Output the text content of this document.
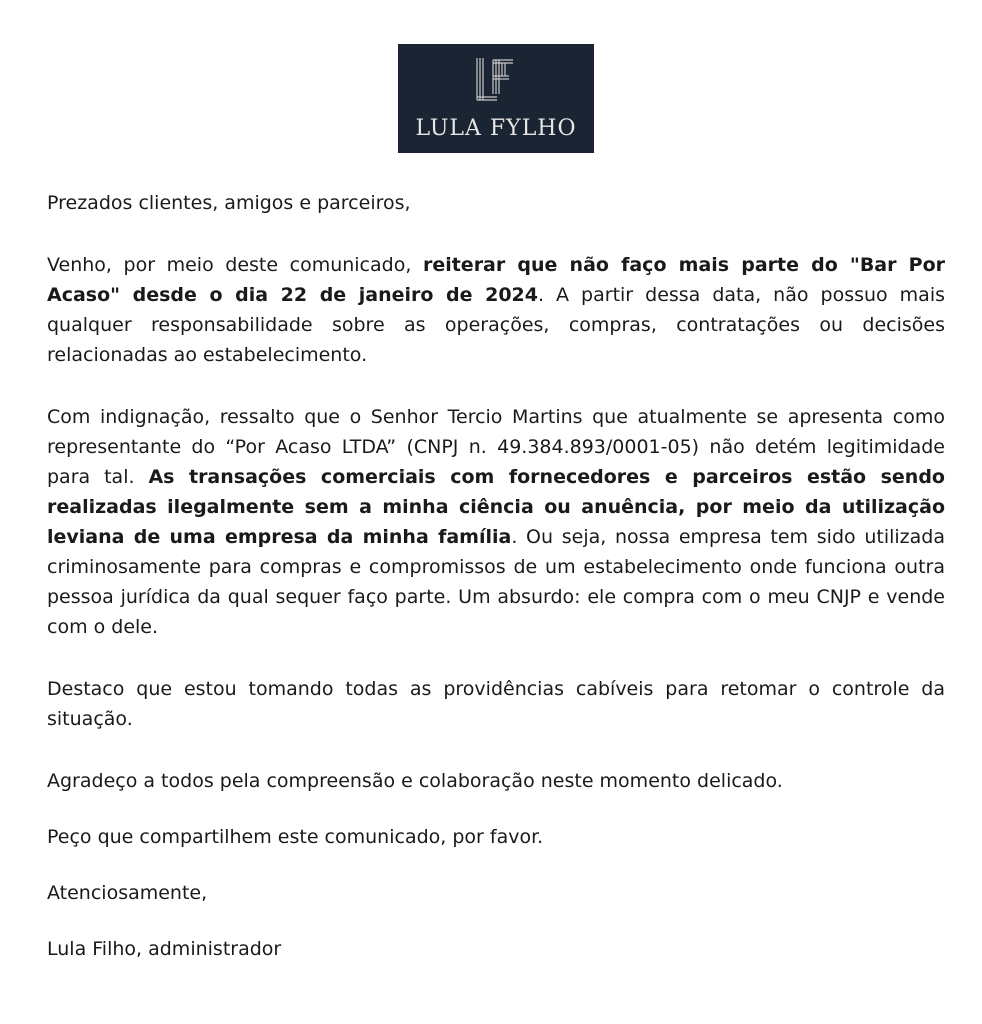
LULA FYLHO

Prezados clientes, amigos e parceiros,

Venho, por meio deste comunicado, reiterar que não faço mais parte do "Bar Por Acaso" desde o dia 22 de janeiro de 2024. A partir dessa data, não possuo mais qualquer responsabilidade sobre as operações, compras, contratações ou decisões relacionadas ao estabelecimento.

Com indignação, ressalto que o Senhor Tercio Martins que atualmente se apresenta como representante do “Por Acaso LTDA” (CNPJ n. 49.384.893/0001-05) não detém legitimidade para tal. As transações comerciais com fornecedores e parceiros estão sendo realizadas ilegalmente sem a minha ciência ou anuência, por meio da utilização leviana de uma empresa da minha família. Ou seja, nossa empresa tem sido utilizada criminosamente para compras e compromissos de um estabelecimento onde funciona outra pessoa jurídica da qual sequer faço parte. Um absurdo: ele compra com o meu CNJP e vende com o dele.

Destaco que estou tomando todas as providências cabíveis para retomar o controle da situação.

Agradeço a todos pela compreensão e colaboração neste momento delicado.

Peço que compartilhem este comunicado, por favor.

Atenciosamente,

Lula Filho, administrador
